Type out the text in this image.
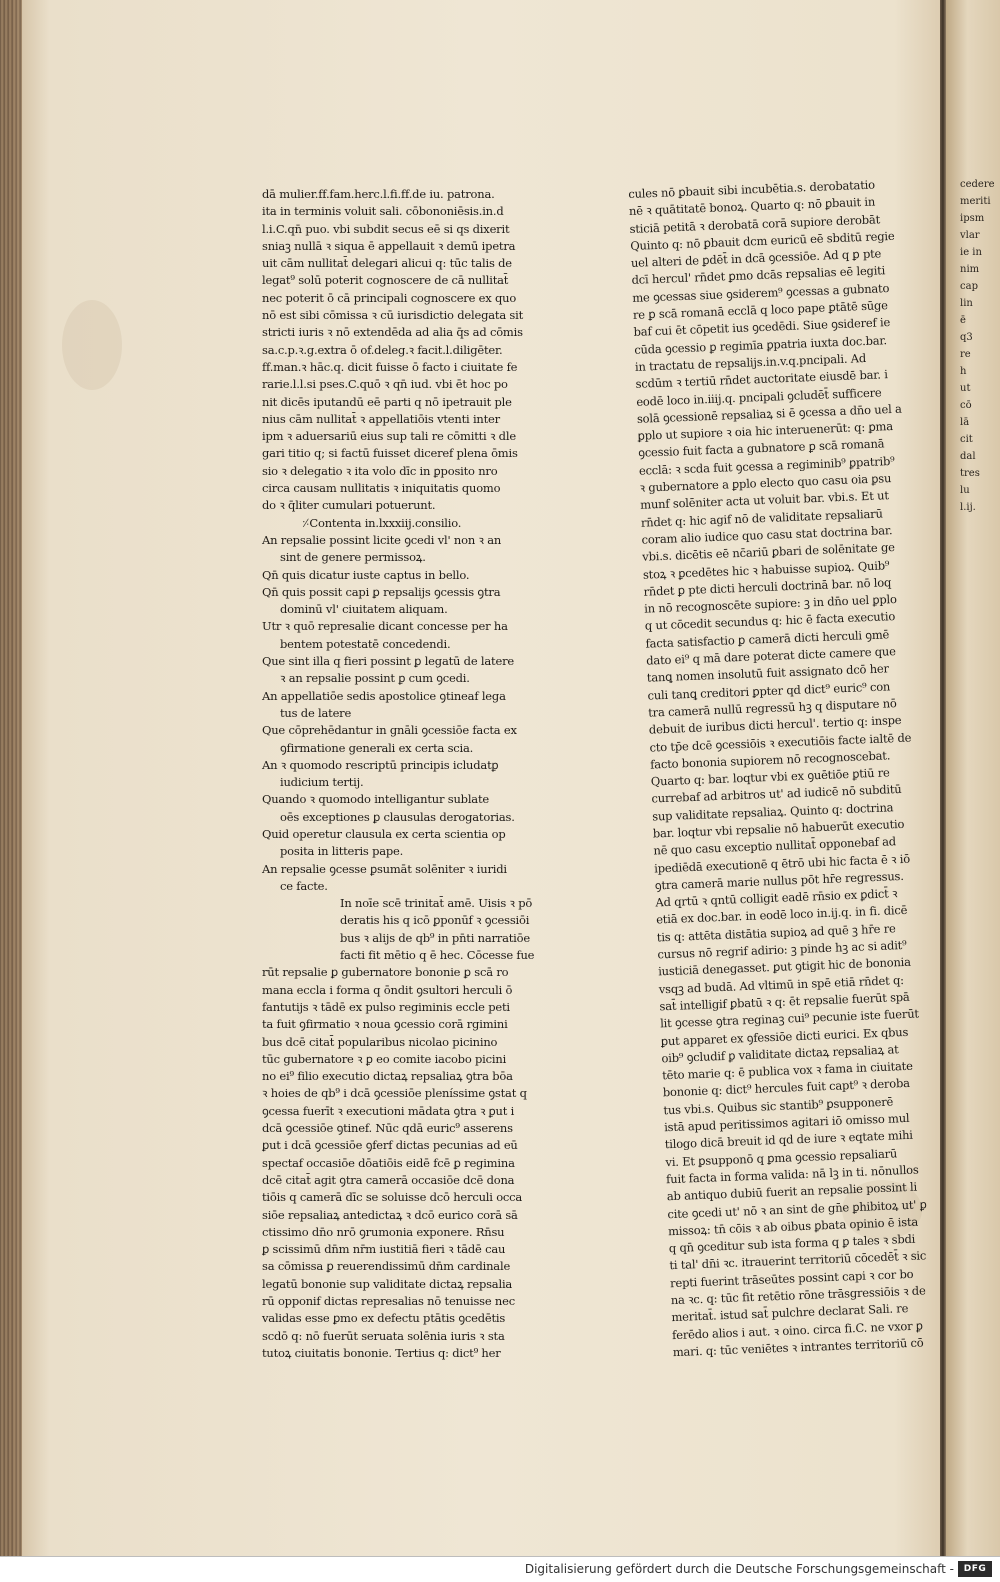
cedere

meriti

ipsm

vlar

ie in

nim

cap

lin

ē

q3

re

h

ut

cō

lā

cit

dal

tres

lu

l.ij.

dā mulier.ff.fam.herc.l.fi.ff.de iu. patrona.

ita in terminis voluit sali. cōbononiēsis.in.d

l.i.C.qn̄ puo. vbi subdit secus eē si qs dixerit

sniaꝫ nullā ꝛ siqua ē appellauit ꝛ demū ipetra

uit cām nullitat̄ delegari alicui q: tūc talis de

legat⁹ solū poterit cognoscere de cā nullitat̄

nec poterit ō cā principali cognoscere ex quo

nō est sibi cōmissa ꝛ cū iurisdictio delegata sit

stricti iuris ꝛ nō extendēda ad alia q̄s ad cōmis

sa.c.p.ꝛ.g.extra ō of.deleg.ꝛ facit.l.diligēter.

ff.man.ꝛ hāc.q. dicit fuisse ō facto i ciuitate fe

rarie.l.l.si pses.C.quō ꝛ qn̄ iud. vbi ēt hoc po

nit dicēs iputandū eē parti q nō ipetrauit ple

nius cām nullitat̄ ꝛ appellatiōis vtenti inter

ipm ꝛ aduersariū eius sup tali re cōmitti ꝛ dle

gari titio q; si factū fuisset diceref plena ōmis

sio ꝛ delegatio ꝛ ita volo dīc in ꝑposito nro

circa causam nullitatis ꝛ iniquitatis quomo

do ꝛ q̄liter cumulari potuerunt.

⸓Contenta in.lxxxiij.consilio.

An repsalie possint licite ꝯcedi vl' non ꝛ an

sint de genere permissoꝝ.

Qn̄ quis dicatur iuste captus in bello.

Qn̄ quis possit capi ꝑ repsalijs ꝯcessis ꝯtra

dominū vl' ciuitatem aliquam.

Utr ꝛ quō represalie dicant concesse per ha

bentem potestatē concedendi.

Que sint illa q fieri possint ꝑ legatū de latere

ꝛ an repsalie possint ꝑ cum ꝯcedi.

An appellatiōe sedis apostolice ꝯtineaf lega

tus de latere

Que cōprehēdantur in gnāli ꝯcessiōe facta ex

ꝯfirmatione generali ex certa scia.

An ꝛ quomodo rescriptū principis icludatꝑ

iudicium tertij.

Quando ꝛ quomodo intelligantur sublate

oēs exceptiones ꝑ clausulas derogatorias.

Quid operetur clausula ex certa scientia op

posita in litteris pape.

An repsalie ꝯcesse ꝑsumāt solēniter ꝛ iuridi

ce facte.

In noīe scē trinitat̄ amē. Uisis ꝛ pō

deratis his q icō ꝑponūf ꝛ ꝯcessiōi

bus ꝛ alijs de qb⁹ in pn̄ti narratiōe

facti fit mētio q ē hec. Cōcesse fue

rūt repsalie ꝑ gubernatore bononie ꝑ scā ro

mana eccla i forma q ōndit ꝯsultori herculi ō

fantutijs ꝛ tādē ex pulso regiminis eccle peti

ta fuit ꝯfirmatio ꝛ noua ꝯcessio corā rgimini

bus dcē citat̄ popularibus nicolao picinino

tūc gubernatore ꝛ ꝑ eo comite iacobo picini

no ei⁹ filio executio dictaꝝ repsaliaꝝ ꝯtra bōa

ꝛ hoies de qb⁹ i dcā ꝯcessiōe pleníssime ꝯstat q

ꝯcessa fuerīt ꝛ executioni mādata ꝯtra ꝛ ꝑut i

dcā ꝯcessiōe ꝯtinef. Nūc qdā euric⁹ asserens

ꝑut i dcā ꝯcessiōe ꝯferf dictas pecunias ad eū

spectaf occasiōe dōatiōis eidē fcē ꝑ regimina

dcē citat̄ agit ꝯtra camerā occasiōe dcē dona

tiōis q camerā dīc se soluisse dcō herculi occa

siōe repsaliaꝝ antedictaꝝ ꝛ dcō eurico corā sā

ctissimo dn̄o nrō ꝯrumonia exponere. Rn̄su

ꝑ scissimū dn̄m nr̄m iustitiā fieri ꝛ tādē cau

sa cōmissa ꝑ reuerendissimū dn̄m cardinale

legatū bononie sup validitate dictaꝝ repsalia

rū opponif dictas represalias nō tenuisse nec

validas esse ꝑmo ex defectu ptātis ꝯcedētis

scdō q: nō fuerūt seruata solēnia iuris ꝛ sta

tutoꝝ ciuitatis bononie. Tertius q: dict⁹ her

cules nō ꝑbauit sibi incubētia.s. derobatatio

nē ꝛ quātitatē bonoꝝ. Quarto q: nō ꝑbauit in

sticiā petitā ꝛ derobatā corā supiore derobāt

Quinto q: nō ꝑbauit dcm euricū eē sbditū regie

uel alteri de ꝑdēt̄ in dcā ꝯcessiōe. Ad q ꝑ pte

dcī hercul' rn̄det ꝑmo dcās repsalias eē legiti

me ꝯcessas siue ꝯsiderem⁹ ꝯcessas a gubnato

re ꝑ scā romanā ecclā q loco pape ꝑtātē sūge

baf cui ēt cōpetit ius ꝯcedēdi. Siue ꝯsideref ie

cūda ꝯcessio ꝑ regimīa ꝑpatria iuxta doc.bar.

in tractatu de repsalijs.in.v.q.pncipali. Ad

scdūm ꝛ tertiū rn̄det auctoritate eiusdē bar. i

eodē loco in.iiij.q. pncipali ꝯcludēt̄ sufficere

solā ꝯcessionē repsaliaꝝ si ē ꝯcessa a dn̄o uel a

ꝑplo ut supiore ꝛ oia hic interuenerūt: q: ꝑma

ꝯcessio fuit facta a gubnatore ꝑ scā romanā

ecclā: ꝛ scda fuit ꝯcessa a regiminib⁹ ꝑpatrib⁹

ꝛ gubernatore a ꝑplo electo quo casu oia ꝑsu

munf solēniter acta ut voluit bar. vbi.s. Et ut

rn̄det q: hic agif nō de validitate repsaliarū

coram alio iudice quo casu stat doctrina bar.

vbi.s. dicētis eē nc̄ariū ꝑbari de solēnitate ge

stoꝝ ꝛ ꝑcedētes hic ꝛ habuisse supioꝝ. Quib⁹

rn̄det ꝑ pte dicti herculi doctrinā bar. nō loq

in nō recognoscēte supiore: ꝫ in dn̄o uel ꝑplo

q ut cōcedit secundus q: hic ē facta executio

facta satisfactio ꝑ camerā dicti herculi ꝯmē

dato ei⁹ q mā dare poterat dicte camere que

tanꝗ nomen insolutū fuit assignato dcō her

culi tanꝗ creditori ꝑpter qd dict⁹ euric⁹ con

tra camerā nullū regressū hꝫ q disputare nō

debuit de iuribus dicti hercul'. tertio q: inspe

cto tp̄e dcē ꝯcessiōis ꝛ executiōis facte ialtē de

facto bononia supiorem nō recognoscebat.

Quarto q: bar. loqtur vbi ex ꝯuētiōe ꝑtiū re

currebaf ad arbitros ut' ad iudicē nō subditū

sup validitate repsaliaꝝ. Quinto q: doctrina

bar. loqtur vbi repsalie nō habuerūt executio

nē quo casu exceptio nullitat̄ opponebaf ad

ipediēdā executionē q ētrō ubi hic facta ē ꝛ iō

ꝯtra camerā marie nullus pōt hr̄e regressus.

Ad qrtū ꝛ qntū colligit eadē rn̄sio ex ꝑdict̄ ꝛ

etiā ex doc.bar. in eodē loco in.ij.q. in fi. dicē

tis q: attēta distātia supioꝝ ad quē ꝫ hr̄e re

cursus nō regrif adirio: ꝫ pinde hꝫ ac si adit⁹

iusticiā denegasset. ꝑut ꝯtigit hic de bononia

vsqꝫ ad budā. Ad vltimū in spē etiā rn̄det q:

sat̄ intelligif ꝑbatū ꝛ q: ēt repsalie fuerūt spā

lit ꝯcesse ꝯtra reginaꝫ cui⁹ pecunie iste fuerūt

ꝑut apparet ex ꝯfessiōe dicti eurici. Ex qbus

oib⁹ ꝯcludif ꝑ validitate dictaꝝ repsaliaꝝ at

tēto marie q: ē publica vox ꝛ fama in ciuitate

bononie q: dict⁹ hercules fuit capt⁹ ꝛ deroba

tus vbi.s. Quibus sic stantib⁹ ꝑsupponerē

istā apud peritissimos agitari iō omisso mul

tilogo dicā breuit id qd de iure ꝛ eqtate mihi

vi. Et ꝑsupponō q ꝑma ꝯcessio repsaliarū

fuit facta in forma valida: nā lꝫ in ti. nōnullos

ab antiquo dubiū fuerit an repsalie possint li

cite ꝯcedi ut' nō ꝛ an sint de gn̄e ꝑhibitoꝝ ut' ꝑ

missoꝝ: tn̄ cōis ꝛ ab oibus ꝑbata opinio ē ista

q qn̄ ꝯceditur sub ista forma q ꝑ tales ꝛ sbdi

ti tal' dn̄i ꝛc. itrauerint territoriū cōcedēt̄ ꝛ sic

repti fuerint trāseūtes possint capi ꝛ cor bo

na ꝛc. q: tūc fit retētio rōne trāsgressiōis ꝛ de

meritat̄. istud sat̄ pulchre declarat Sali. re

ferēdo alios i aut. ꝛ oino. circa fi.C. ne vxor ꝑ

mari. q: tūc veniētes ꝛ intrantes territoriū cō

Digitalisierung gefördert durch die Deutsche Forschungsgemeinschaft -	DFG
